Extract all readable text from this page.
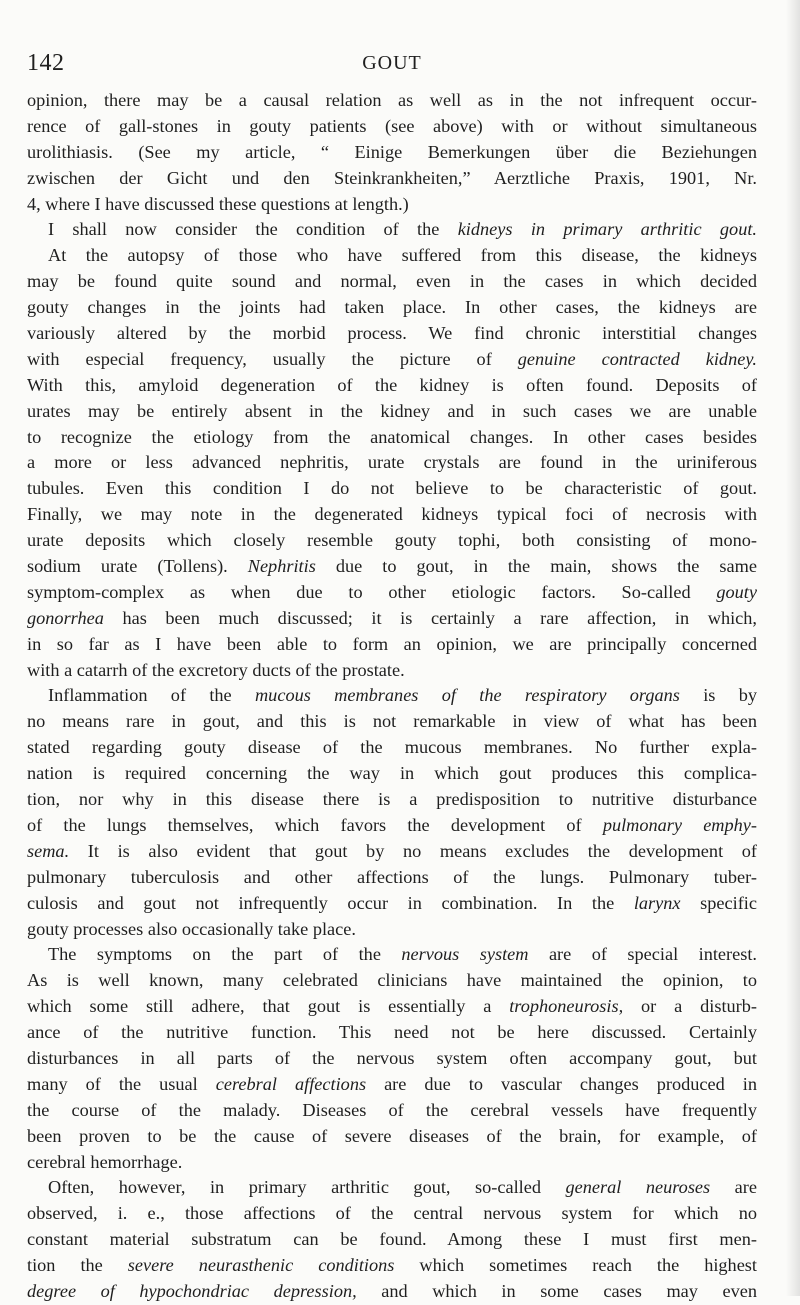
142	GOUT
opinion, there may be a causal relation as well as in the not infrequent occur-
rence of gall-stones in gouty patients (see above) with or without simultaneous
urolithiasis. (See my article, “ Einige Bemerkungen über die Beziehungen
zwischen der Gicht und den Steinkrankheiten,” Aerztliche Praxis, 1901, Nr.
4, where I have discussed these questions at length.)
I shall now consider the condition of the kidneys in primary arthritic gout.
At the autopsy of those who have suffered from this disease, the kidneys
may be found quite sound and normal, even in the cases in which decided
gouty changes in the joints had taken place. In other cases, the kidneys are
variously altered by the morbid process. We find chronic interstitial changes
with especial frequency, usually the picture of genuine contracted kidney.
With this, amyloid degeneration of the kidney is often found. Deposits of
urates may be entirely absent in the kidney and in such cases we are unable
to recognize the etiology from the anatomical changes. In other cases besides
a more or less advanced nephritis, urate crystals are found in the uriniferous
tubules. Even this condition I do not believe to be characteristic of gout.
Finally, we may note in the degenerated kidneys typical foci of necrosis with
urate deposits which closely resemble gouty tophi, both consisting of mono-
sodium urate (Tollens). Nephritis due to gout, in the main, shows the same
symptom-complex as when due to other etiologic factors. So-called gouty
gonorrhea has been much discussed; it is certainly a rare affection, in which,
in so far as I have been able to form an opinion, we are principally concerned
with a catarrh of the excretory ducts of the prostate.
Inflammation of the mucous membranes of the respiratory organs is by
no means rare in gout, and this is not remarkable in view of what has been
stated regarding gouty disease of the mucous membranes. No further expla-
nation is required concerning the way in which gout produces this complica-
tion, nor why in this disease there is a predisposition to nutritive disturbance
of the lungs themselves, which favors the development of pulmonary emphy-
sema. It is also evident that gout by no means excludes the development of
pulmonary tuberculosis and other affections of the lungs. Pulmonary tuber-
culosis and gout not infrequently occur in combination. In the larynx specific
gouty processes also occasionally take place.
The symptoms on the part of the nervous system are of special interest.
As is well known, many celebrated clinicians have maintained the opinion, to
which some still adhere, that gout is essentially a trophoneurosis, or a disturb-
ance of the nutritive function. This need not be here discussed. Certainly
disturbances in all parts of the nervous system often accompany gout, but
many of the usual cerebral affections are due to vascular changes produced in
the course of the malady. Diseases of the cerebral vessels have frequently
been proven to be the cause of severe diseases of the brain, for example, of
cerebral hemorrhage.
Often, however, in primary arthritic gout, so-called general neuroses are
observed, i. e., those affections of the central nervous system for which no
constant material substratum can be found. Among these I must first men-
tion the severe neurasthenic conditions which sometimes reach the highest
degree of hypochondriac depression, and which in some cases may even
